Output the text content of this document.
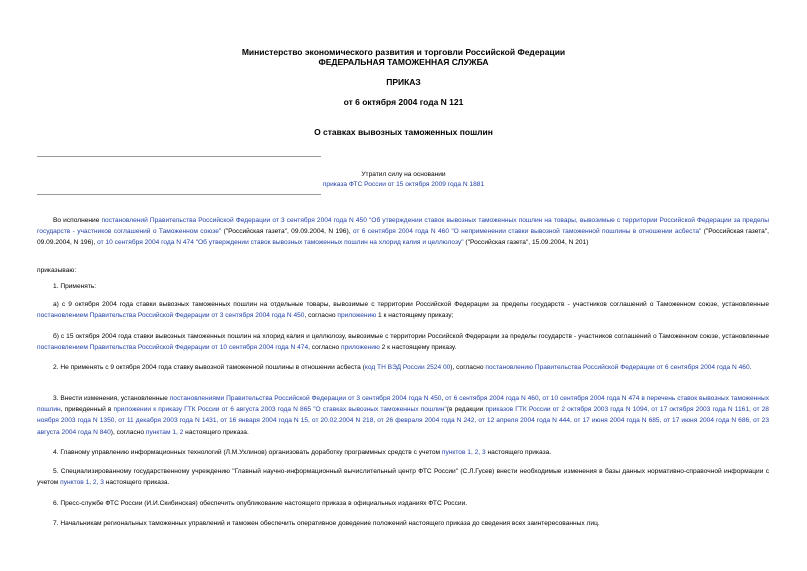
Министерство экономического развития и торговли Российской Федерации
ФЕДЕРАЛЬНАЯ ТАМОЖЕННАЯ СЛУЖБА
ПРИКАЗ
от 6 октября 2004 года N 121
О ставках вывозных таможенных пошлин
Утратил силу на основании
приказа ФТС России от 15 октября 2009 года N 1881
Во исполнение постановлений Правительства Российской Федерации от 3 сентября 2004 года N 450 "Об утверждении ставок вывозных таможенных пошлин на товары, вывозимые с территории Российской Федерации за пределы государств - участников соглашений о Таможенном союзе" ("Российская газета", 09.09.2004, N 196), от 6 сентября 2004 года N 460 "О неприменении ставки вывозной таможенной пошлины в отношении асбеста" ("Российская газета", 09.09.2004, N 196), от 10 сентября 2004 года N 474 "Об утверждении ставок вывозных таможенных пошлин на хлорид калия и целлюлозу" ("Российская газета", 15.09.2004, N 201)
приказываю:
1. Применять:
а) с 9 октября 2004 года ставки вывозных таможенных пошлин на отдельные товары, вывозимые с территории Российской Федерации за пределы государств - участников соглашений о Таможенном союзе, установленные постановлением Правительства Российской Федерации от 3 сентября 2004 года N 450, согласно приложению 1 к настоящему приказу;
б) с 15 октября 2004 года ставки вывозных таможенных пошлин на хлорид калия и целлюлозу, вывозимые с территории Российской Федерации за пределы государств - участников соглашений о Таможенном союзе, установленные постановлением Правительства Российской Федерации от 10 сентября 2004 года N 474, согласно приложению 2 к настоящему приказу.
2. Не применять с 9 октября 2004 года ставку вывозной таможенной пошлины в отношении асбеста (код ТН ВЭД России 2524 00), согласно постановлению Правительства Российской Федерации от 6 сентября 2004 года N 460.
3. Внести изменения, установленные постановлениями Правительства Российской Федерации от 3 сентября 2004 года N 450, от 6 сентября 2004 года N 460, от 10 сентября 2004 года N 474 в перечень ставок вывозных таможенных пошлин, приведенный в приложении к приказу ГТК России от 6 августа 2003 года N 865 "О ставках вывозных таможенных пошлин"(в редакции приказов ГТК России от 2 октября 2003 года N 1094, от 17 октября 2003 года N 1161, от 28 ноября 2003 года N 1350, от 11 декабря 2003 года N 1431, от 16 января 2004 года N 15, от 20.02.2004 N 218, от 26 февраля 2004 года N 242, от 12 апреля 2004 года N 444, от 17 июня 2004 года N 685, от 17 июня 2004 года N 686, от 23 августа 2004 года N 840), согласно пунктам 1, 2 настоящего приказа.
4. Главному управлению информационных технологий (Л.М.Ухлинов) организовать доработку программных средств с учетом пунктов 1, 2, 3 настоящего приказа.
5. Специализированному государственному учреждению "Главный научно-информационный вычислительный центр ФТС России" (С.Л.Гусев) внести необходимые изменения в базы данных нормативно-справочной информации с учетом пунктов 1, 2, 3 настоящего приказа.
6. Пресс-службе ФТС России (И.И.Скибинская) обеспечить опубликование настоящего приказа в официальных изданиях ФТС России.
7. Начальникам региональных таможенных управлений и таможен обеспечить оперативное доведение положений настоящего приказа до сведения всех заинтересованных лиц.
